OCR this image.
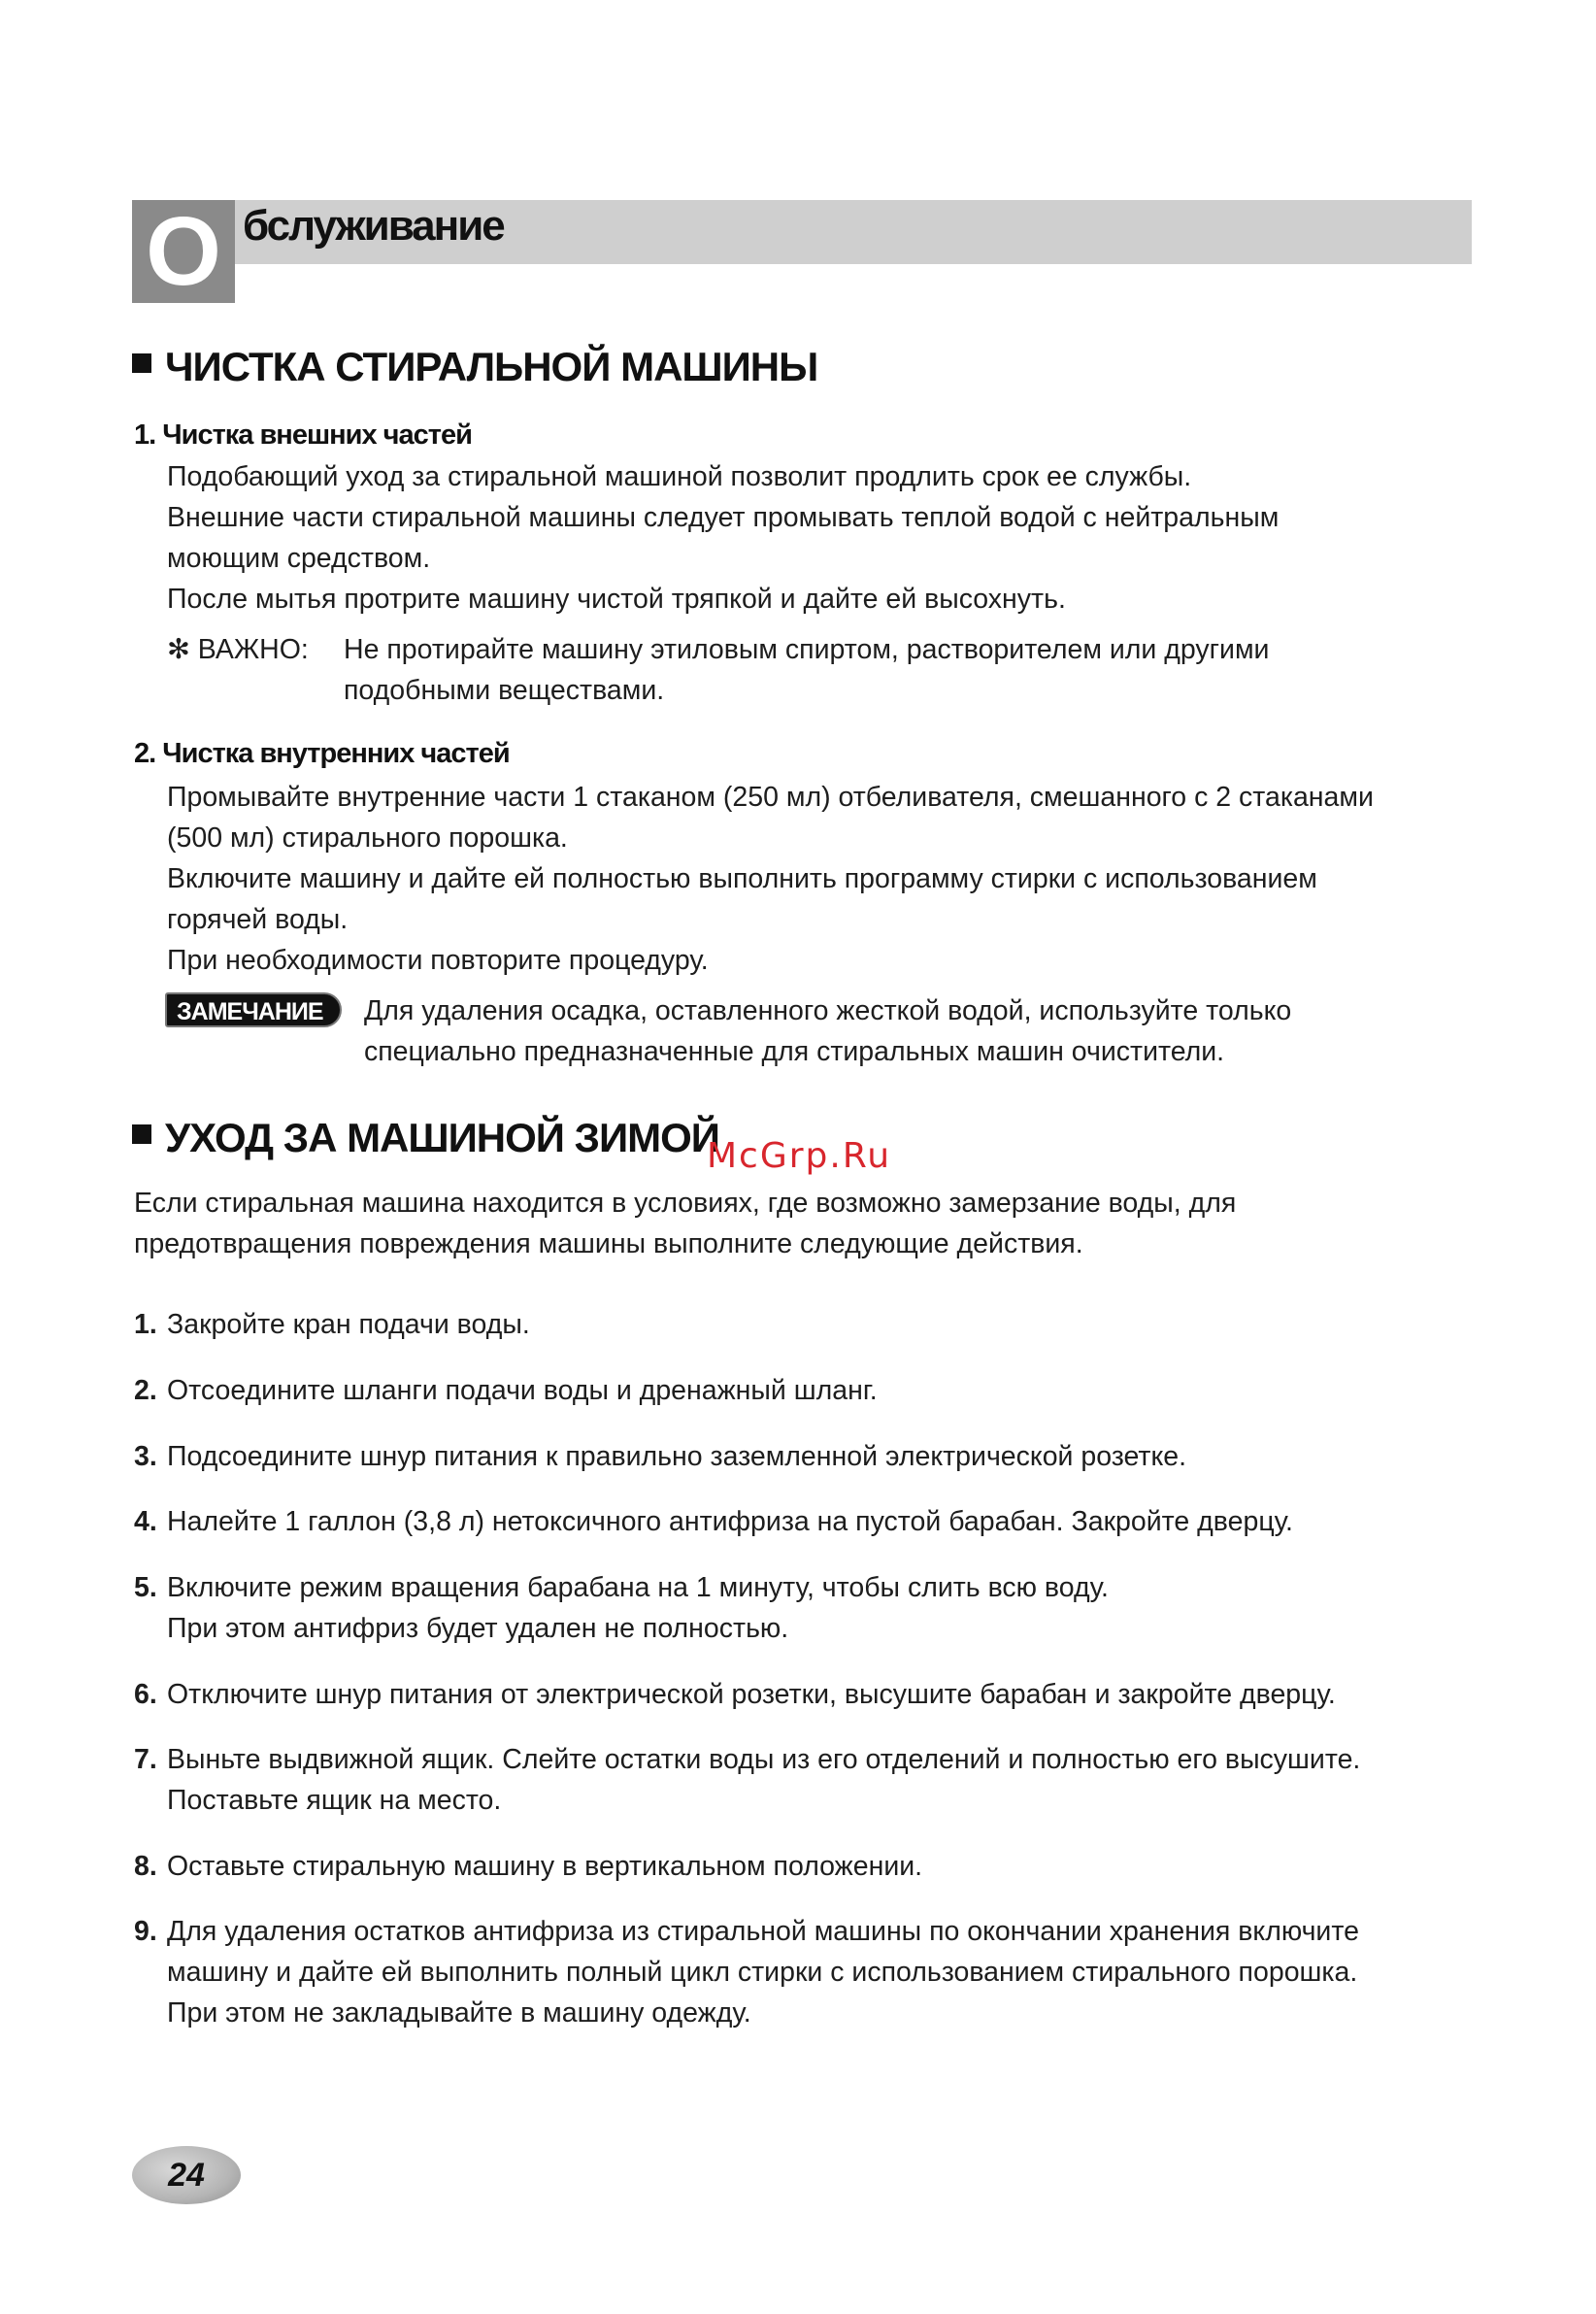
О бслуживание
ЧИСТКА СТИРАЛЬНОЙ МАШИНЫ
1. Чистка внешних частей
Подобающий уход за стиральной машиной позволит продлить срок ее службы.
Внешние части стиральной машины следует промывать теплой водой с нейтральным
моющим средством.
После мытья протрите машину чистой тряпкой и дайте ей высохнуть.
✻ ВАЖНО: Не протирайте машину этиловым спиртом, растворителем или другими
подобными веществами.
2. Чистка внутренних частей
Промывайте внутренние части 1 стаканом (250 мл) отбеливателя, смешанного с 2 стаканами
(500 мл) стирального порошка.
Включите машину и дайте ей полностью выполнить программу стирки с использованием
горячей воды.
При необходимости повторите процедуру.
ЗАМЕЧАНИЕ	Для удаления осадка, оставленного жесткой водой, используйте только
специально предназначенные для стиральных машин очистители.
УХОД ЗА МАШИНОЙ ЗИМОЙ
McGrp.Ru
Если стиральная машина находится в условиях, где возможно замерзание воды, для
предотвращения повреждения машины выполните следующие действия.
1. Закройте кран подачи воды.
2. Отсоедините шланги подачи воды и дренажный шланг.
3. Подсоедините шнур питания к правильно заземленной электрической розетке.
4. Налейте 1 галлон (3,8 л) нетоксичного антифриза на пустой барабан. Закройте дверцу.
5. Включите режим вращения барабана на 1 минуту, чтобы слить всю воду.
При этом антифриз будет удален не полностью.
6. Отключите шнур питания от электрической розетки, высушите барабан и закройте дверцу.
7. Выньте выдвижной ящик. Слейте остатки воды из его отделений и полностью его высушите.
Поставьте ящик на место.
8. Оставьте стиральную машину в вертикальном положении.
9. Для удаления остатков антифриза из стиральной машины по окончании хранения включите
машину и дайте ей выполнить полный цикл стирки с использованием стирального порошка.
При этом не закладывайте в машину одежду.
24
